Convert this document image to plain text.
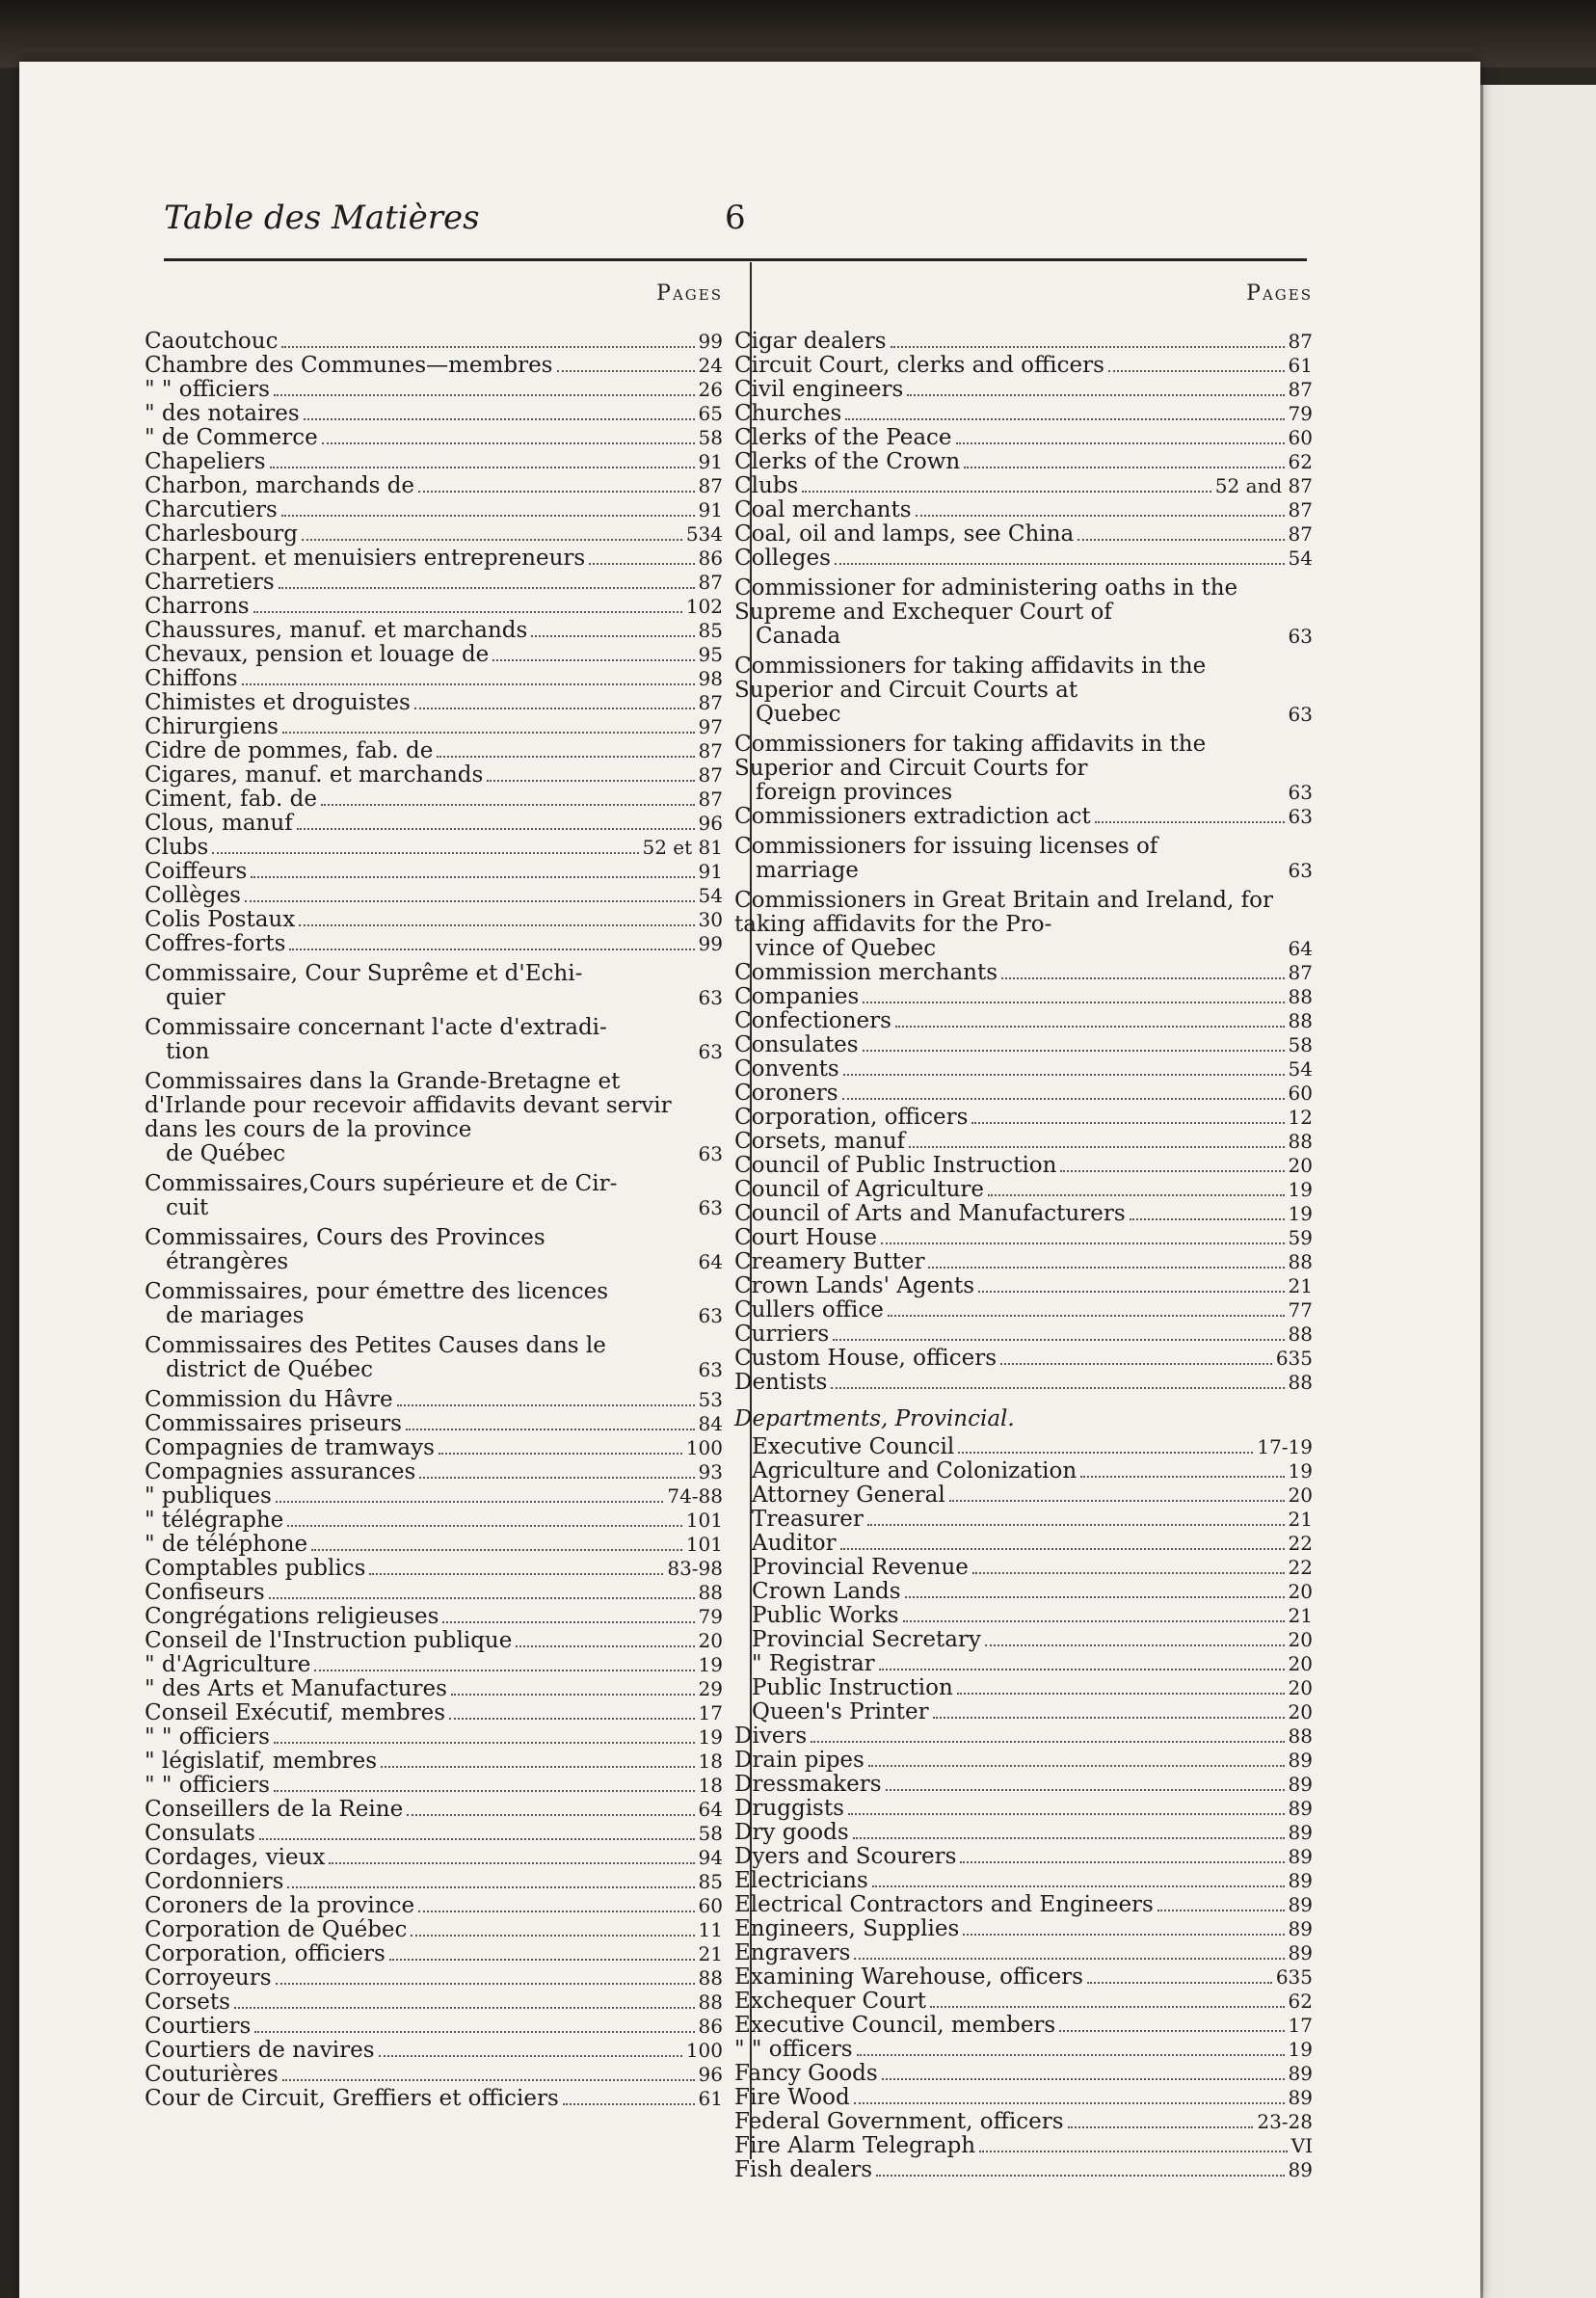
Table des Matières	6
Pages
Caoutchouc	99
Chambre des Communes—membres	24
" " officiers	26
" des notaires	65
" de Commerce	58
Chapeliers	91
Charbon, marchands de	87
Charcutiers	91
Charlesbourg	534
Charpent. et menuisiers entrepreneurs	86
Charretiers	87
Charrons	102
Chaussures, manuf. et marchands	85
Chevaux, pension et louage de	95
Chiffons	98
Chimistes et droguistes	87
Chirurgiens	97
Cidre de pommes, fab. de	87
Cigares, manuf. et marchands	87
Ciment, fab. de	87
Clous, manuf	96
Clubs	52 et 81
Coiffeurs	91
Collèges	54
Colis Postaux	30
Coffres-forts	99
Commissaire, Cour Suprême et d'Echi-
quier	63
Commissaire concernant l'acte d'extradi-
tion	63
Commissaires dans la Grande-Bretagne et d'Irlande pour recevoir affidavits devant servir dans les cours de la province
de Québec	63
Commissaires,Cours supérieure et de Cir-
cuit	63
Commissaires, Cours des Provinces
étrangères	64
Commissaires, pour émettre des licences
de mariages	63
Commissaires des Petites Causes dans le
district de Québec	63
Commission du Hâvre	53
Commissaires priseurs	84
Compagnies de tramways	100
Compagnies assurances	93
" publiques	74-88
" télégraphe	101
" de téléphone	101
Comptables publics	83-98
Confiseurs	88
Congrégations religieuses	79
Conseil de l'Instruction publique	20
" d'Agriculture	19
" des Arts et Manufactures	29
Conseil Exécutif, membres	17
" " officiers	19
" législatif, membres	18
" " officiers	18
Conseillers de la Reine	64
Consulats	58
Cordages, vieux	94
Cordonniers	85
Coroners de la province	60
Corporation de Québec	11
Corporation, officiers	21
Corroyeurs	88
Corsets	88
Courtiers	86
Courtiers de navires	100
Couturières	96
Cour de Circuit, Greffiers et officiers	61
Pages
Cigar dealers	87
Circuit Court, clerks and officers	61
Civil engineers	87
Churches	79
Clerks of the Peace	60
Clerks of the Crown	62
Clubs	52 and 87
Coal merchants	87
Coal, oil and lamps, see China	87
Colleges	54
Commissioner for administering oaths in the Supreme and Exchequer Court of
Canada	63
Commissioners for taking affidavits in the Superior and Circuit Courts at
Quebec	63
Commissioners for taking affidavits in the Superior and Circuit Courts for
foreign provinces	63
Commissioners extradiction act	63
Commissioners for issuing licenses of
marriage	63
Commissioners in Great Britain and Ireland, for taking affidavits for the Pro-
vince of Quebec	64
Commission merchants	87
Companies	88
Confectioners	88
Consulates	58
Convents	54
Coroners	60
Corporation, officers	12
Corsets, manuf	88
Council of Public Instruction	20
Council of Agriculture	19
Council of Arts and Manufacturers	19
Court House	59
Creamery Butter	88
Crown Lands' Agents	21
Cullers office	77
Curriers	88
Custom House, officers	635
Dentists	88
Departments, Provincial.
Executive Council	17-19
Agriculture and Colonization	19
Attorney General	20
Treasurer	21
Auditor	22
Provincial Revenue	22
Crown Lands	20
Public Works	21
Provincial Secretary	20
" Registrar	20
Public Instruction	20
Queen's Printer	20
Divers	88
Drain pipes	89
Dressmakers	89
Druggists	89
Dry goods	89
Dyers and Scourers	89
Electricians	89
Electrical Contractors and Engineers	89
Engineers, Supplies	89
Engravers	89
Examining Warehouse, officers	635
Exchequer Court	62
Executive Council, members	17
" " officers	19
Fancy Goods	89
Fire Wood	89
Federal Government, officers	23-28
Fire Alarm Telegraph	VI
Fish dealers	89
